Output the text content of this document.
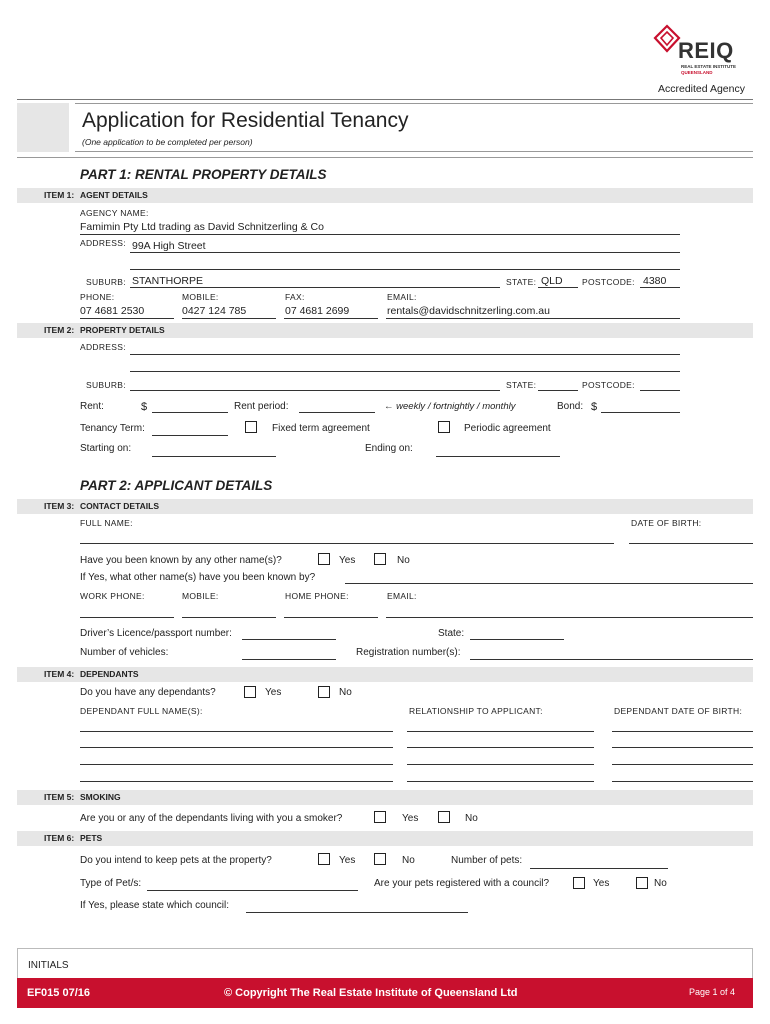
REIQ
REAL ESTATE INSTITUTE
QUEENSLAND
Accredited Agency
Application for Residential Tenancy
(One application to be completed per person)
PART 1: RENTAL PROPERTY DETAILS
ITEM 1: AGENT DETAILS
AGENCY NAME:
Famimin Pty Ltd trading as David Schnitzerling & Co
ADDRESS: 99A High Street
SUBURB: STANTHORPE	STATE: QLD POSTCODE: 4380
PHONE:	MOBILE:	FAX:	EMAIL:
07 4681 2530	0427 124 785	07 4681 2699	rentals@davidschnitzerling.com.au
ITEM 2: PROPERTY DETAILS
ADDRESS:
SUBURB:	STATE:	POSTCODE:
Rent:	$	Rent period:	← weekly / fortnightly / monthly	Bond: $
Tenancy Term:	Fixed term agreement	Periodic agreement
Starting on:	Ending on:
PART 2: APPLICANT DETAILS
ITEM 3: CONTACT DETAILS
FULL NAME:	DATE OF BIRTH:
Have you been known by any other name(s)?	Yes	No
If Yes, what other name(s) have you been known by?
WORK PHONE:	MOBILE:	HOME PHONE:	EMAIL:
Driver’s Licence/passport number:	State:
Number of vehicles:	Registration number(s):
ITEM 4: DEPENDANTS
Do you have any dependants?	Yes	No
DEPENDANT FULL NAME(S):	RELATIONSHIP TO APPLICANT:	DEPENDANT DATE OF BIRTH:
ITEM 5: SMOKING
Are you or any of the dependants living with you a smoker?	Yes	No
ITEM 6: PETS
Do you intend to keep pets at the property?	Yes	No	Number of pets:
Type of Pet/s:	Are your pets registered with a council?	Yes	No
If Yes, please state which council:
INITIALS
EF015 07/16	© Copyright The Real Estate Institute of Queensland Ltd	Page 1 of 4
